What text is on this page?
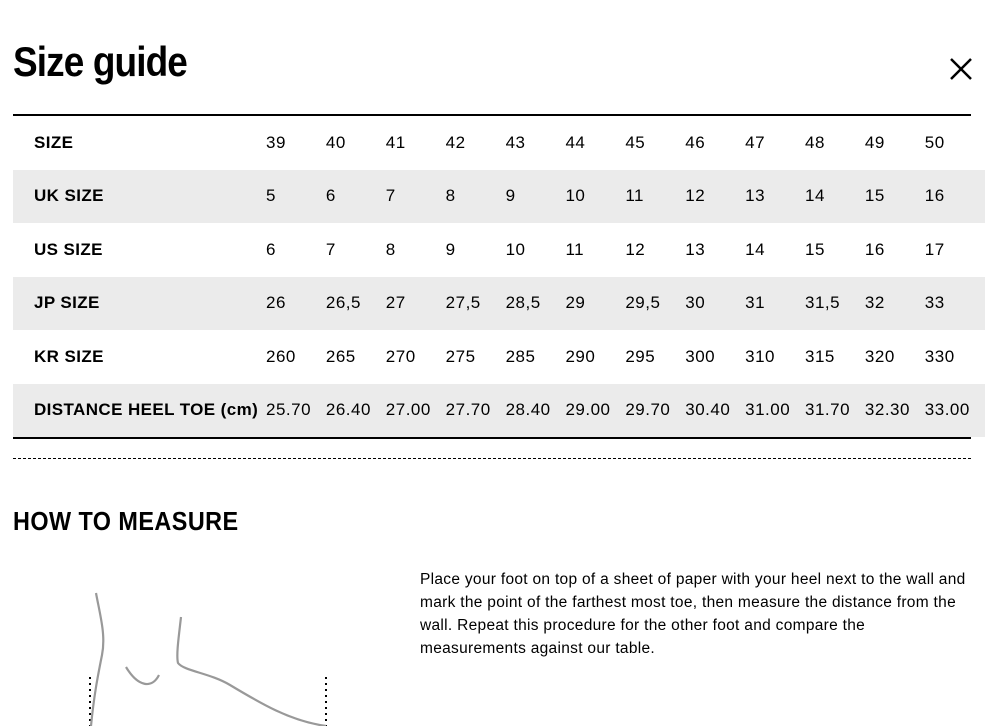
Size guide
SIZE	39	40	41	42	43	44	45	46	47	48	49	50
UK SIZE	5	6	7	8	9	10	11	12	13	14	15	16
US SIZE	6	7	8	9	10	11	12	13	14	15	16	17
JP SIZE	26	26,5	27	27,5	28,5	29	29,5	30	31	31,5	32	33
KR SIZE	260	265	270	275	285	290	295	300	310	315	320	330
DISTANCE HEEL TOE (cm)	25.70	26.40	27.00	27.70	28.40	29.00	29.70	30.40	31.00	31.70	32.30	33.00
HOW TO MEASURE
Place your foot on top of a sheet of paper with your heel next to the wall and mark the point of the farthest most toe, then measure the distance from the wall. Repeat this procedure for the other foot and compare the measurements against our table.
